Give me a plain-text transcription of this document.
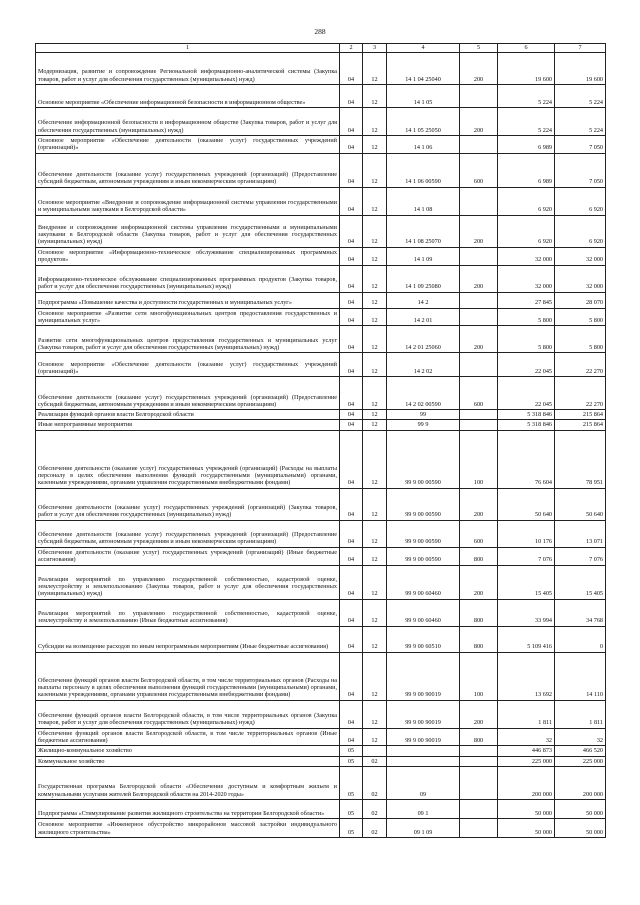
288
1	2	3	4	5	6	7
Модернизация, развитие и сопровождение Региональной информационно-аналитической системы (Закупка товаров, работ и услуг для обеспечения государственных (муниципальных) нужд)	04	12	14 1 04 25040	200	19 600	19 600
Основное мероприятие «Обеспечение информационной безопасности в информационном обществе»	04	12	14 1 05		5 224	5 224
Обеспечение информационной безопасности в информационном обществе (Закупка товаров, работ и услуг для обеспечения государственных (муниципальных) нужд)	04	12	14 1 05 25050	200	5 224	5 224
Основное мероприятие «Обеспечение деятельности (оказание услуг) государственных учреждений (организаций)»	04	12	14 1 06		6 989	7 050
Обеспечение деятельности (оказание услуг) государственных учреждений (организаций) (Предоставление субсидий бюджетным, автономным учреждениям и иным некоммерческим организациям)	04	12	14 1 06 00590	600	6 989	7 050
Основное мероприятие «Внедрение и сопровождение информационной системы управления государственными и муниципальными закупками в Белгородской области»	04	12	14 1 08		6 920	6 920
Внедрение и сопровождение информационной системы управления государственными и муниципальными закупками в Белгородской области (Закупка товаров, работ и услуг для обеспечения государственных (муниципальных) нужд)	04	12	14 1 08 25070	200	6 920	6 920
Основное мероприятие «Информационно-техническое обслуживание специализированных программных продуктов»	04	12	14 1 09		32 000	32 000
Информационно-техническое обслуживание специализированных программных продуктов (Закупка товаров, работ и услуг для обеспечения государственных (муниципальных) нужд)	04	12	14 1 09 25080	200	32 000	32 000
Подпрограмма «Повышение качества и доступности государственных и муниципальных услуг»	04	12	14 2		27 845	28 070
Основное мероприятие «Развитие сети многофункциональных центров предоставления государственных и муниципальных услуг»	04	12	14 2 01		5 800	5 800
Развитие сети многофункциональных центров предоставления государственных и муниципальных услуг (Закупка товаров, работ и услуг для обеспечения государственных (муниципальных) нужд)	04	12	14 2 01 25060	200	5 800	5 800
Основное мероприятие «Обеспечение деятельности (оказание услуг) государственных учреждений (организаций)»	04	12	14 2 02		22 045	22 270
Обеспечение деятельности (оказание услуг) государственных учреждений (организаций) (Предоставление субсидий бюджетным, автономным учреждениям и иным некоммерческим организациям)	04	12	14 2 02 00590	600	22 045	22 270
Реализация функций органов власти Белгородской области	04	12	99		5 318 846	215 864
Иные непрограммные мероприятия	04	12	99 9		5 318 846	215 864
Обеспечение деятельности (оказание услуг) государственных учреждений (организаций) (Расходы на выплаты персоналу в целях обеспечения выполнения функций государственными (муниципальными) органами, казенными учреждениями, органами управления государственными внебюджетными фондами)	04	12	99 9 00 00590	100	76 604	78 951
Обеспечение деятельности (оказание услуг) государственных учреждений (организаций) (Закупка товаров, работ и услуг для обеспечения государственных (муниципальных) нужд)	04	12	99 9 00 00590	200	50 640	50 640
Обеспечение деятельности (оказание услуг) государственных учреждений (организаций) (Предоставление субсидий бюджетным, автономным учреждениям и иным некоммерческим организациям)	04	12	99 9 00 00590	600	10 176	13 071
Обеспечение деятельности (оказание услуг) государственных учреждений (организаций) (Иные бюджетные ассигнования)	04	12	99 9 00 00590	800	7 076	7 076
Реализация мероприятий по управлению государственной собственностью, кадастровой оценке, землеустройству и землепользованию (Закупка товаров, работ и услуг для обеспечения государственных (муниципальных) нужд)	04	12	99 9 00 60460	200	15 405	15 405
Реализация мероприятий по управлению государственной собственностью, кадастровой оценке, землеустройству и землепользованию (Иные бюджетные ассигнования)	04	12	99 9 00 60460	800	33 994	34 768
Субсидии на возмещение расходов по иным непрограммным мероприятиям (Иные бюджетные ассигнования)	04	12	99 9 00 60510	800	5 109 416	0
Обеспечение функций органов власти Белгородской области, в том числе территориальных органов (Расходы на выплаты персоналу в целях обеспечения выполнения функций государственными (муниципальными) органами, казенными учреждениями, органами управления государственными внебюджетными фондами)	04	12	99 9 00 90019	100	13 692	14 110
Обеспечение функций органов власти Белгородской области, в том числе территориальных органов (Закупка товаров, работ и услуг для обеспечения государственных (муниципальных) нужд)	04	12	99 9 00 90019	200	1 811	1 811
Обеспечение функций органов власти Белгородской области, в том числе территориальных органов (Иные бюджетные ассигнования)	04	12	99 9 00 90019	800	32	32
Жилищно-коммунальное хозяйство	05				446 873	466 520
Коммунальное хозяйство	05	02			225 000	225 000
Государственная программа Белгородской области «Обеспечение доступным и комфортным жильем и коммунальными услугами жителей Белгородской области на 2014-2020 годы»	05	02	09		200 000	200 000
Подпрограмма «Стимулирование развития жилищного строительства на территории Белгородской области»	05	02	09 1		50 000	50 000
Основное мероприятие «Инженерное обустройство микрорайонов массовой застройки индивидуального жилищного строительства»	05	02	09 1 09		50 000	50 000
